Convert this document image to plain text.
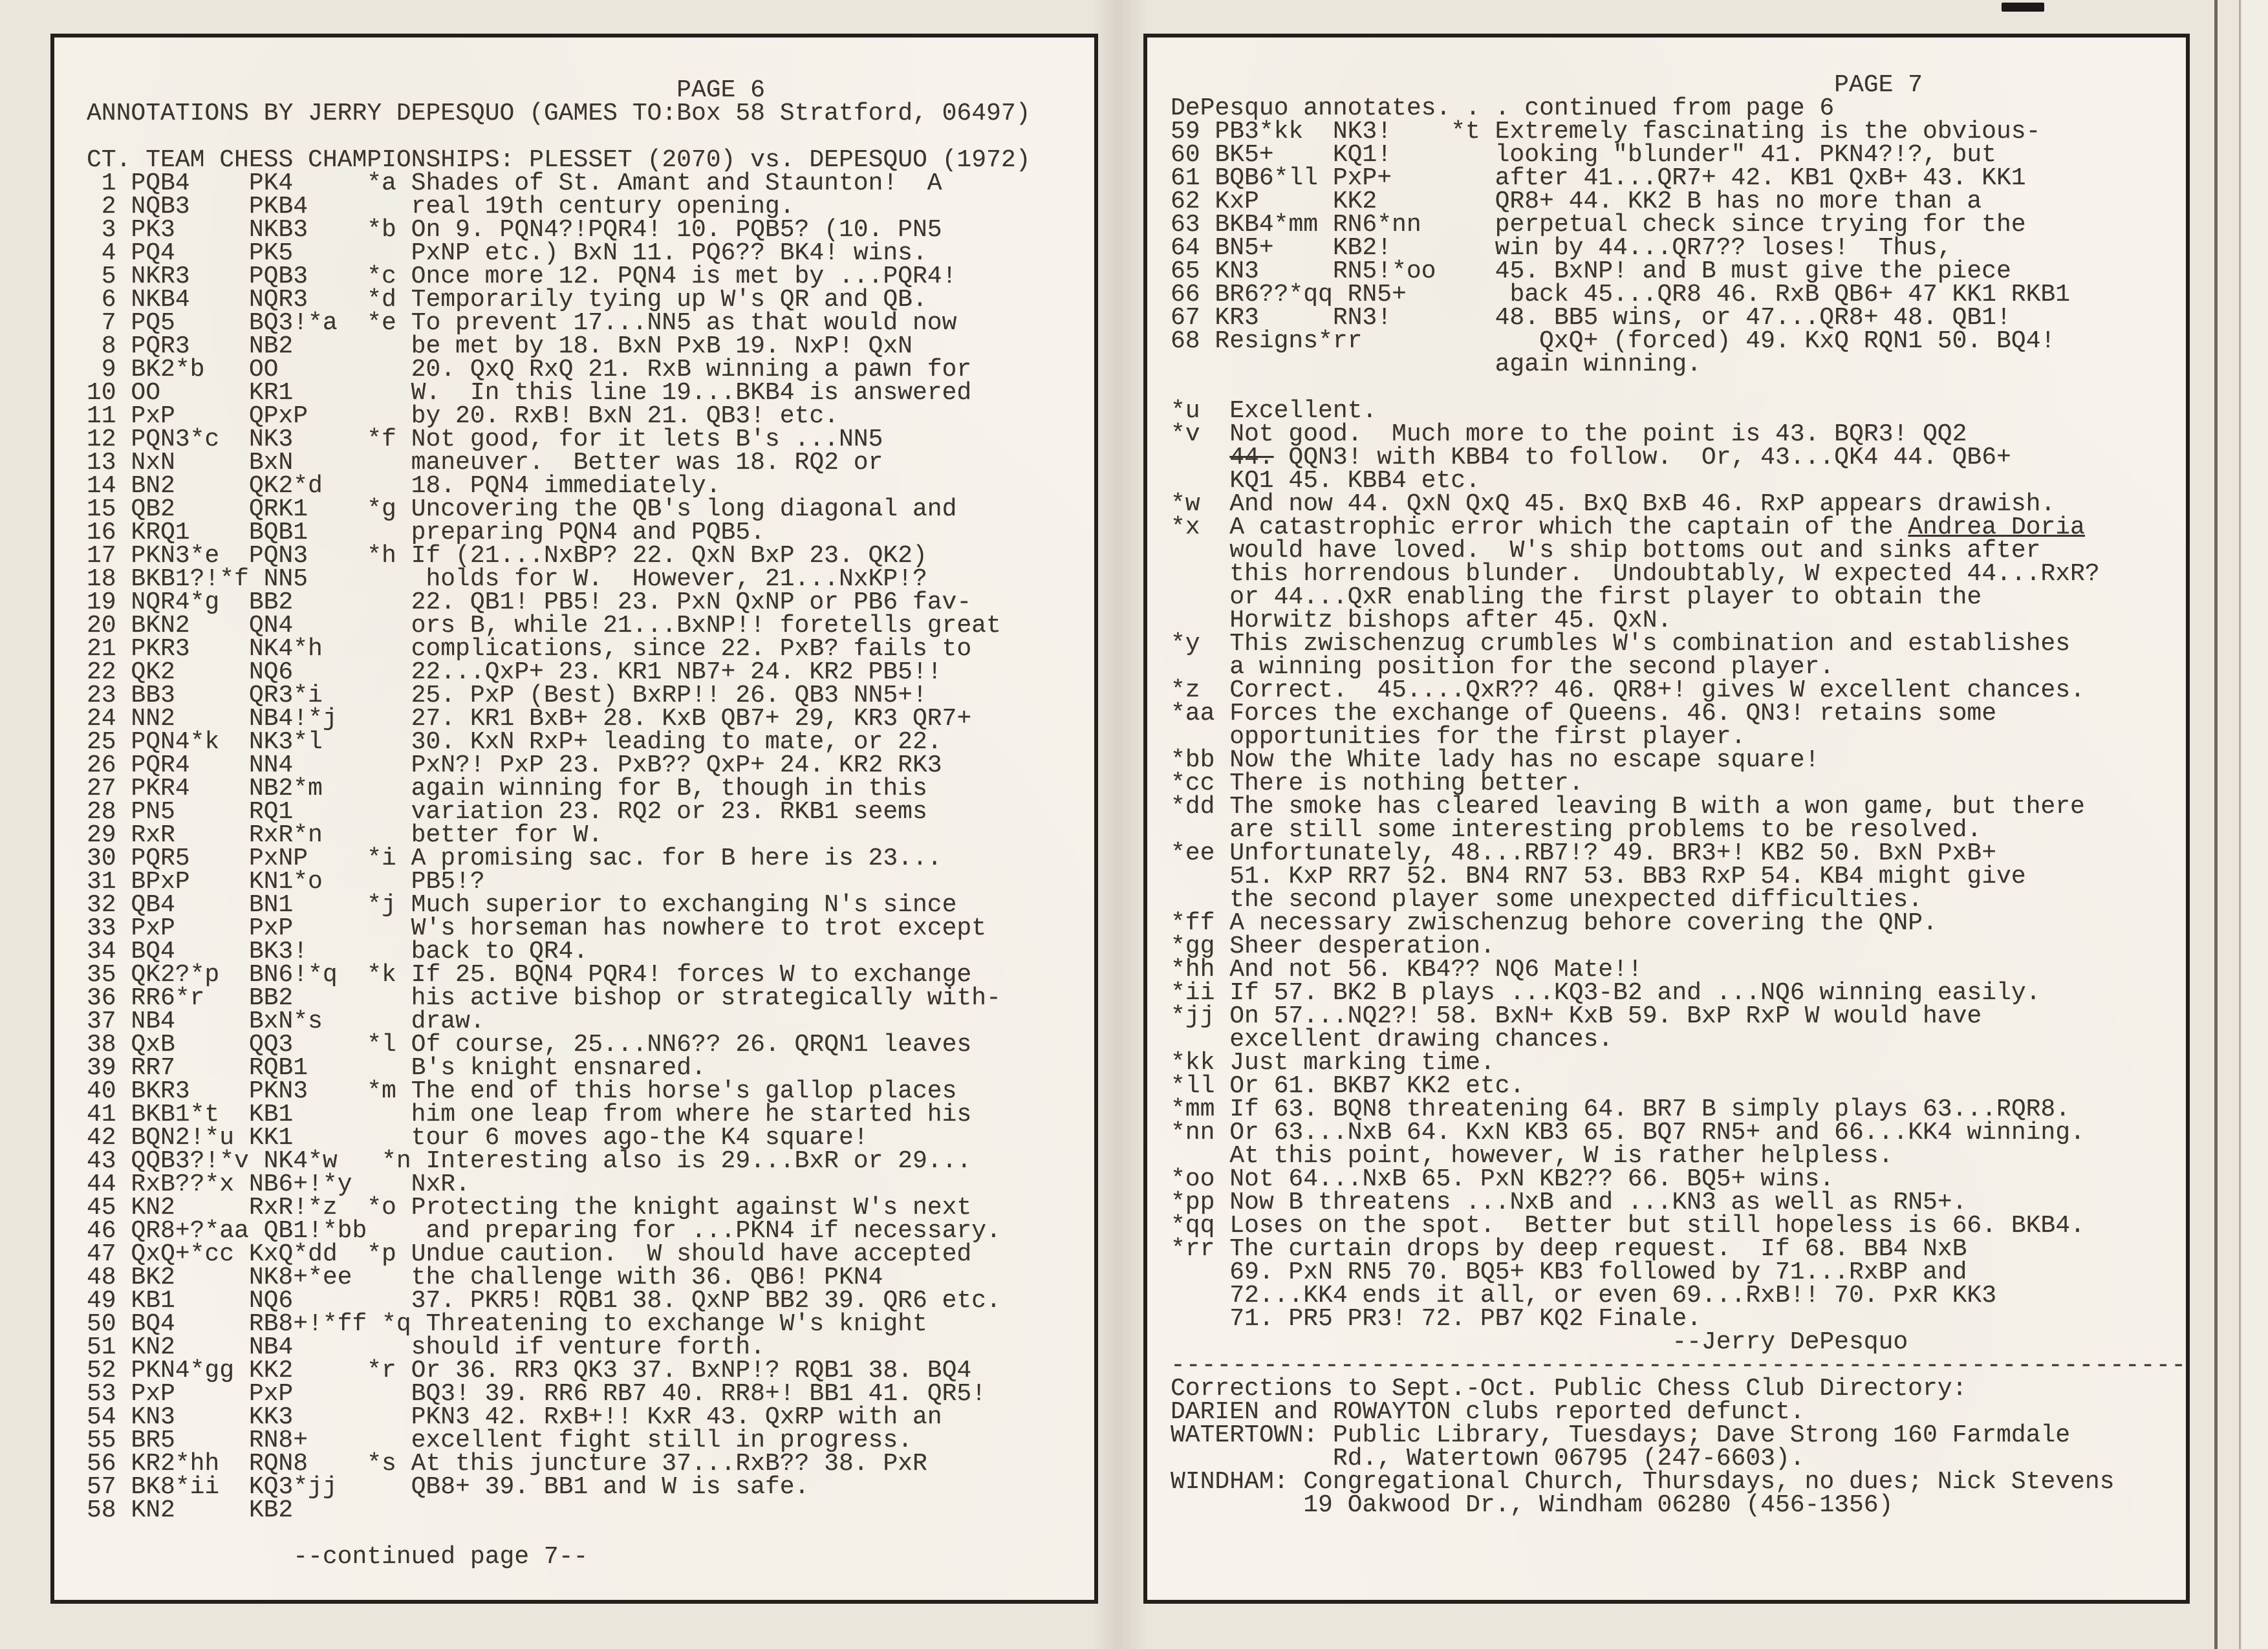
PAGE 6
ANNOTATIONS BY JERRY DEPESQUO (GAMES TO:Box 58 Stratford, 06497)
CT. TEAM CHESS CHAMPIONSHIPS: PLESSET (2070) vs. DEPESQUO (1972)
1 PQB4	PK4	*a Shades of St. Amant and Staunton!  A
2 NQB3	PKB4	real 19th century opening.
3 PK3	NKB3	*b On 9. PQN4?!PQR4! 10. PQB5? (10. PN5
4 PQ4	PK5	PxNP etc.) BxN 11. PQ6?? BK4! wins.
5 NKR3	PQB3	*c Once more 12. PQN4 is met by ...PQR4!
6 NKB4	NQR3	*d Temporarily tying up W's QR and QB.
7 PQ5	BQ3!*a	*e To prevent 17...NN5 as that would now
8 PQR3	NB2	be met by 18. BxN PxB 19. NxP! QxN
9 BK2*b	OO	20. QxQ RxQ 21. RxB winning a pawn for
10 OO	KR1	W.  In this line 19...BKB4 is answered
11 PxP	QPxP	by 20. RxB! BxN 21. QB3! etc.
12 PQN3*c	NK3	*f Not good, for it lets B's ...NN5
13 NxN	BxN	maneuver.  Better was 18. RQ2 or
14 BN2	QK2*d	18. PQN4 immediately.
15 QB2	QRK1	*g Uncovering the QB's long diagonal and
16 KRQ1	BQB1	preparing PQN4 and PQB5.
17 PKN3*e	PQN3	*h If (21...NxBP? 22. QxN BxP 23. QK2)
18 BKB1?!*f NN5	holds for W.  However, 21...NxKP!?
19 NQR4*g	BB2	22. QB1! PB5! 23. PxN QxNP or PB6 fav-
20 BKN2	QN4	ors B, while 21...BxNP!! foretells great
21 PKR3	NK4*h	complications, since 22. PxB? fails to
22 QK2	NQ6	22...QxP+ 23. KR1 NB7+ 24. KR2 PB5!!
23 BB3	QR3*i	25. PxP (Best) BxRP!! 26. QB3 NN5+!
24 NN2	NB4!*j	27. KR1 BxB+ 28. KxB QB7+ 29, KR3 QR7+
25 PQN4*k	NK3*l	30. KxN RxP+ leading to mate, or 22.
26 PQR4	NN4	PxN?! PxP 23. PxB?? QxP+ 24. KR2 RK3
27 PKR4	NB2*m	again winning for B, though in this
28 PN5	RQ1	variation 23. RQ2 or 23. RKB1 seems
29 RxR	RxR*n	better for W.
30 PQR5	PxNP	*i A promising sac. for B here is 23...
31 BPxP	KN1*o	PB5!?
32 QB4	BN1	*j Much superior to exchanging N's since
33 PxP	PxP	W's horseman has nowhere to trot except
34 BQ4	BK3!	back to QR4.
35 QK2?*p	BN6!*q	*k If 25. BQN4 PQR4! forces W to exchange
36 RR6*r	BB2	his active bishop or strategically with-
37 NB4	BxN*s	draw.
38 QxB	QQ3	*l Of course, 25...NN6?? 26. QRQN1 leaves
39 RR7	RQB1	B's knight ensnared.
40 BKR3	PKN3	*m The end of this horse's gallop places
41 BKB1*t	KB1	him one leap from where he started his
42 BQN2!*u KK1	tour 6 moves ago-the K4 square!
43 QQB3?!*v NK4*w	*n Interesting also is 29...BxR or 29...
44 RxB??*x NB6+!*y NxR.
45 KN2	RxR!*z	*o Protecting the knight against W's next
46 QR8+?*aa QB1!*bb and preparing for ...PKN4 if necessary.
47 QxQ+*cc KxQ*dd	*p Undue caution.  W should have accepted
48 BK2	NK8+*ee the challenge with 36. QB6! PKN4
49 KB1	NQ6	37. PKR5! RQB1 38. QxNP BB2 39. QR6 etc.
50 BQ4	RB8+!*ff *q Threatening to exchange W's knight
51 KN2	NB4	should if venture forth.
52 PKN4*gg KK2	*r Or 36. RR3 QK3 37. BxNP!? RQB1 38. BQ4
53 PxP	PxP	BQ3! 39. RR6 RB7 40. RR8+! BB1 41. QR5!
54 KN3	KK3	PKN3 42. RxB+!! KxR 43. QxRP with an
55 BR5	RN8+	excellent fight still in progress.
56 KR2*hh	RQN8	*s At this juncture 37...RxB?? 38. PxR
57 BK8*ii	KQ3*jj	QB8+ 39. BB1 and W is safe.
58 KN2	KB2

--continued page 7--
PAGE 7
DePesquo annotates. . . continued from page 6
59 PB3*kk	NK3!	*t Extremely fascinating is the obvious-
60 BK5+	KQ1!	looking "blunder" 41. PKN4?!?, but
61 BQB6*ll PxP+	after 41...QR7+ 42. KB1 QxB+ 43. KK1
62 KxP	KK2	QR8+ 44. KK2 B has no more than a
63 BKB4*mm RN6*nn	perpetual check since trying for the
64 BN5+	KB2!	win by 44...QR7?? loses!  Thus,
65 KN3	RN5!*oo 45. BxNP! and B must give the piece
66 BR6??*qq RN5+	back 45...QR8 46. RxB QB6+ 47 KK1 RKB1
67 KR3	RN3!	48. BB5 wins, or 47...QR8+ 48. QB1!
68 Resigns*rr	QxQ+ (forced) 49. KxQ RQN1 50. BQ4!
again winning.
*u	Excellent.
*v	Not good.  Much more to the point is 43. BQR3! QQ2
44. QQN3! with KBB4 to follow.  Or, 43...QK4 44. QB6+
KQ1 45. KBB4 etc.
*w	And now 44. QxN QxQ 45. BxQ BxB 46. RxP appears drawish.
*x	A catastrophic error which the captain of the Andrea Doria
would have loved.  W's ship bottoms out and sinks after
this horrendous blunder.  Undoubtably, W expected 44...RxR?
or 44...QxR enabling the first player to obtain the
Horwitz bishops after 45. QxN.
*y	This zwischenzug crumbles W's combination and establishes
a winning position for the second player.
*z	Correct.  45....QxR?? 46. QR8+! gives W excellent chances.
*aa Forces the exchange of Queens. 46. QN3! retains some
opportunities for the first player.
*bb Now the White lady has no escape square!
*cc There is nothing better.
*dd The smoke has cleared leaving B with a won game, but there
are still some interesting problems to be resolved.
*ee Unfortunately, 48...RB7!? 49. BR3+! KB2 50. BxN PxB+
51. KxP RR7 52. BN4 RN7 53. BB3 RxP 54. KB4 might give
the second player some unexpected difficulties.
*ff A necessary zwischenzug behore covering the QNP.
*gg Sheer desperation.
*hh And not 56. KB4?? NQ6 Mate!!
*ii If 57. BK2 B plays ...KQ3-B2 and ...NQ6 winning easily.
*jj On 57...NQ2?! 58. BxN+ KxB 59. BxP RxP W would have
excellent drawing chances.
*kk Just marking time.
*ll Or 61. BKB7 KK2 etc.
*mm If 63. BQN8 threatening 64. BR7 B simply plays 63...RQR8.
*nn Or 63...NxB 64. KxN KB3 65. BQ7 RN5+ and 66...KK4 winning.
At this point, however, W is rather helpless.
*oo Not 64...NxB 65. PxN KB2?? 66. BQ5+ wins.
*pp Now B threatens ...NxB and ...KN3 as well as RN5+.
*qq Loses on the spot.  Better but still hopeless is 66. BKB4.
*rr The curtain drops by deep request.  If 68. BB4 NxB
69. PxN RN5 70. BQ5+ KB3 followed by 71...RxBP and
72...KK4 ends it all, or even 69...RxB!! 70. PxR KK3
71. PR5 PR3! 72. PB7 KQ2 Finale.
--Jerry DePesquo
------------------------------------------------------------------
Corrections to Sept.-Oct. Public Chess Club Directory:
DARIEN and ROWAYTON clubs reported defunct.
WATERTOWN: Public Library, Tuesdays; Dave Strong 160 Farmdale
Rd., Watertown 06795 (247-6603).
WINDHAM: Congregational Church, Thursdays, no dues; Nick Stevens
19 Oakwood Dr., Windham 06280 (456-1356)
